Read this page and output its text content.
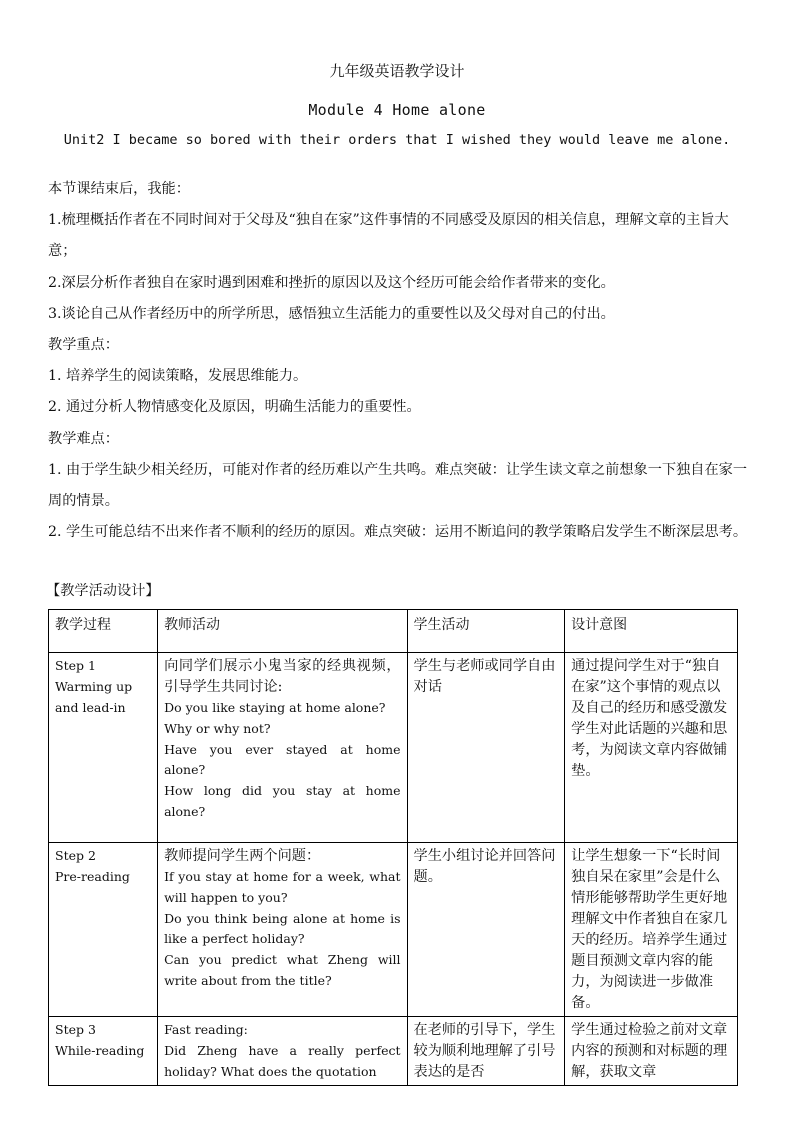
九年级英语教学设计
Module 4 Home alone
Unit2 I became so bored with their orders that I wished they would leave me alone.

本节课结束后，我能：

1.梳理概括作者在不同时间对于父母及“独自在家”这件事情的不同感受及原因的相关信息，理解文章的主旨大意；

2.深层分析作者独自在家时遇到困难和挫折的原因以及这个经历可能会给作者带来的变化。

3.谈论自己从作者经历中的所学所思，感悟独立生活能力的重要性以及父母对自己的付出。

教学重点：

1. 培养学生的阅读策略，发展思维能力。

2. 通过分析人物情感变化及原因，明确生活能力的重要性。

教学难点：

1. 由于学生缺少相关经历，可能对作者的经历难以产生共鸣。难点突破：让学生读文章之前想象一下独自在家一周的情景。

2. 学生可能总结不出来作者不顺利的经历的原因。难点突破：运用不断追问的教学策略启发学生不断深层思考。

【教学活动设计】
教学过程	教师活动	学生活动	设计意图

Step 1
Warming up and lead-in	向同学们展示小鬼当家的经典视频，引导学生共同讨论:
Do you like staying at home alone?
Why or why not?
Have you ever stayed at home alone?
How long did you stay at home alone?	学生与老师或同学自由对话	通过提问学生对于“独自在家”这个事情的观点以及自己的经历和感受激发学生对此话题的兴趣和思考，为阅读文章内容做铺垫。

Step 2
Pre-reading	教师提问学生两个问题：
If you stay at home for a week, what will happen to you?
Do you think being alone at home is like a perfect holiday?
Can you predict what Zheng will write about from the title?	学生小组讨论并回答问题。	让学生想象一下“长时间独自呆在家里”会是什么情形能够帮助学生更好地理解文中作者独自在家几天的经历。培养学生通过题目预测文章内容的能力，为阅读进一步做准备。

Step 3
While-reading	Fast reading:
Did Zheng have a really perfect holiday? What does the quotation	在老师的引导下，学生较为顺利地理解了引号表达的是否	学生通过检验之前对文章内容的预测和对标题的理解，获取文章
